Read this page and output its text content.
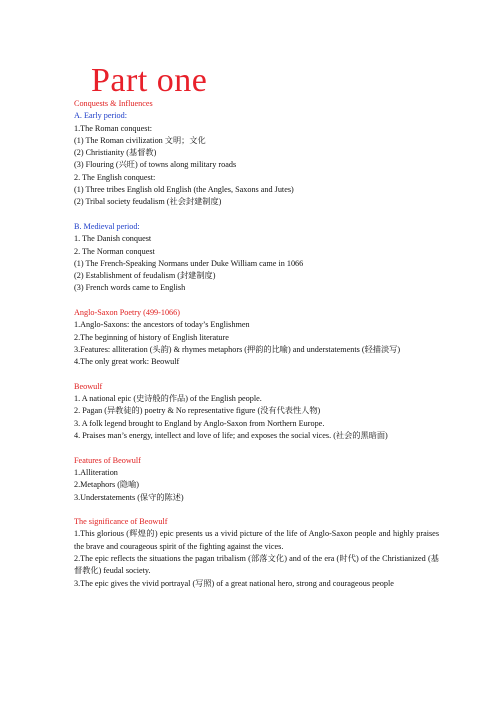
Part one
Conquests & Influences
A. Early period:
1.The Roman conquest:
(1) The Roman civilization 文明；文化
(2) Christianity (基督教)
(3) Flouring (兴旺) of towns along military roads
2. The English conquest:
(1) Three tribes English old English (the Angles, Saxons and Jutes)
(2) Tribal society feudalism (社会封建制度)
B. Medieval period:
1. The Danish conquest
2. The Norman conquest
(1) The French-Speaking Normans under Duke William came in 1066
(2) Establishment of feudalism (封建制度)
(3) French words came to English
Anglo-Saxon Poetry (499-1066)
1.Anglo-Saxons: the ancestors of today’s Englishmen
2.The beginning of history of English literature
3.Features: alliteration (头韵) & rhymes metaphors (押韵的比喻) and understatements (轻描淡写)
4.The only great work: Beowulf
Beowulf
1. A national epic (史诗般的作品) of the English people.
2. Pagan (异教徒的) poetry & No representative figure (没有代表性人物)
3. A folk legend brought to England by Anglo-Saxon from Northern Europe.
4. Praises man’s energy, intellect and love of life; and exposes the social vices. (社会的黑暗面)
Features of Beowulf
1.Alliteration
2.Metaphors (隐喻)
3.Understatements (保守的陈述)
The significance of Beowulf
1.This glorious (辉煌的) epic presents us a vivid picture of the life of Anglo-Saxon people and highly praises the brave and courageous spirit of the fighting against the vices.
2.The epic reflects the situations the pagan tribalism (部落文化) and of the era (时代) of the Christianized (基督教化) feudal society.
3.The epic gives the vivid portrayal (写照) of a great national hero, strong and courageous people
